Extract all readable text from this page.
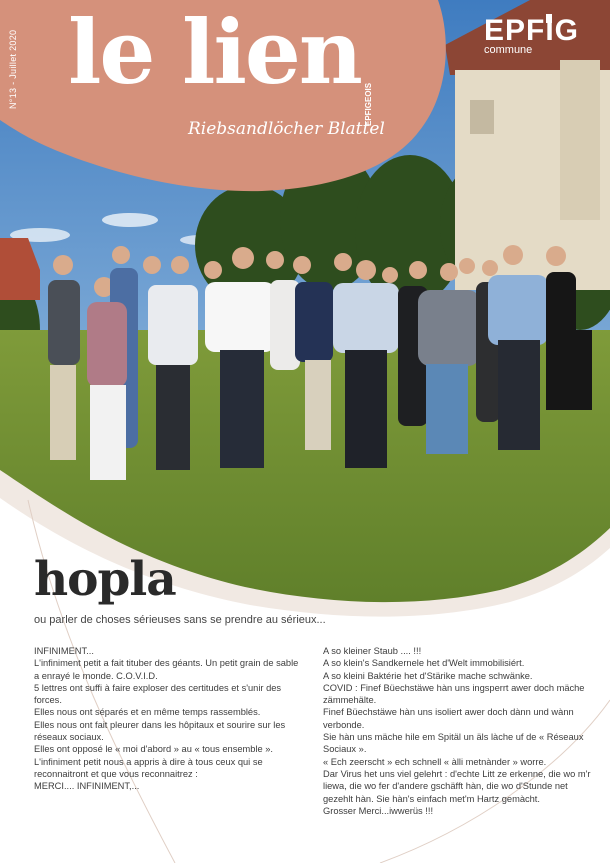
N°13 - Juillet 2020 le lien
EPFIGEOIS
Riebsandlöcher Blattel
EPFIG
commune
hopla
ou parler de choses sérieuses sans se prendre au sérieux...

INFINIMENT...

L'infiniment petit a fait tituber des géants. Un petit grain de sable a enrayé le monde. C.O.V.I.D.

5 lettres ont suffi à faire exploser des certitudes et s'unir des forces.

Elles nous ont séparés et en même temps rassemblés.

Elles nous ont fait pleurer dans les hôpitaux et sourire sur les réseaux sociaux.

Elles ont opposé le « moi d'abord » au « tous ensemble ».

L'infiniment petit nous a appris à dire à tous ceux qui se reconnaitront et que vous reconnaitrez :

MERCI.... INFINIMENT,...

A so kleiner Staub .... !!!

A so klein's Sandkernele het d'Welt immobilisiért.

A so kleini Baktérie het d'Stärike mache schwänke.

COVID : Finef Büechstäwe hàn uns ingsperrt awer doch mäche zämmehälte.

Finef Büechstäwe hàn uns isoliert awer doch dànn und wànn verbonde.

Sie hàn uns mäche hile em Spitäl un äls làche uf de « Réseaux Sociaux ».

« Ech zeerscht » ech schnell « àlli metnànder » worre.

Dar Virus het uns viel gelehrt : d'echte Litt ze erkenne, die wo m'r liewa, die wo fer d'andere gschäfft hàn, die wo d'Stunde net gezehlt hàn. Sie hàn's einfach met'm Hartz gemàcht.

Grosser Merci...iwwerüs !!!
